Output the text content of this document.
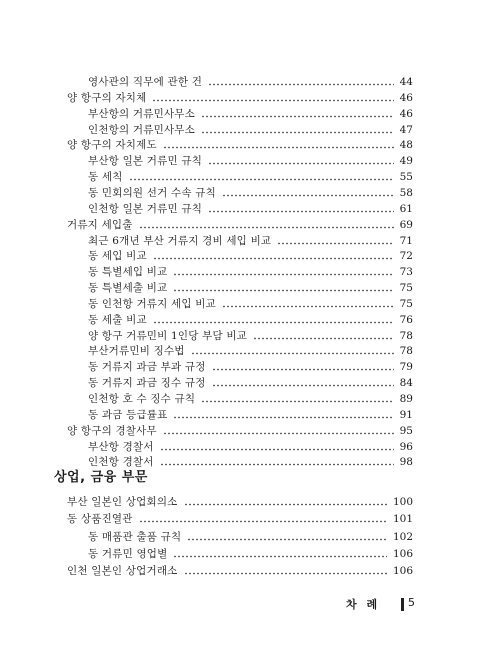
영사관의 직무에 관한 건	44
양 항구의 자치체	46
부산항의 거류민사무소	46
인천항의 거류민사무소	47
양 항구의 자치제도	48
부산항 일본 거류민 규칙	49
동 세칙	55
동 민회의원 선거 수속 규칙	58
인천항 일본 거류민 규칙	61
거류지 세입출	69
최근 6개년 부산 거류지 경비 세입 비교	71
동 세입 비교	72
동 특별세입 비교	73
동 특별세출 비교	75
동 인천항 거류지 세입 비교	75
동 세출 비교	76
양 항구 거류민비 1인당 부담 비교	78
부산거류민비 징수법	78
동 거류지 과금 부과 규정	79
동 거류지 과금 징수 규정	84
인천항 호 수 징수 규칙	89
동 과금 등급률표	91
양 항구의 경찰사무	95
부산항 경찰서	96
인천항 경찰서	98
상업, 금융 부문
부산 일본인 상업회의소	100
동 상품진열관	101
동 매품관 출품 규칙	102
동 거류민 영업별	106
인천 일본인 상업거래소	106
차 례	5
